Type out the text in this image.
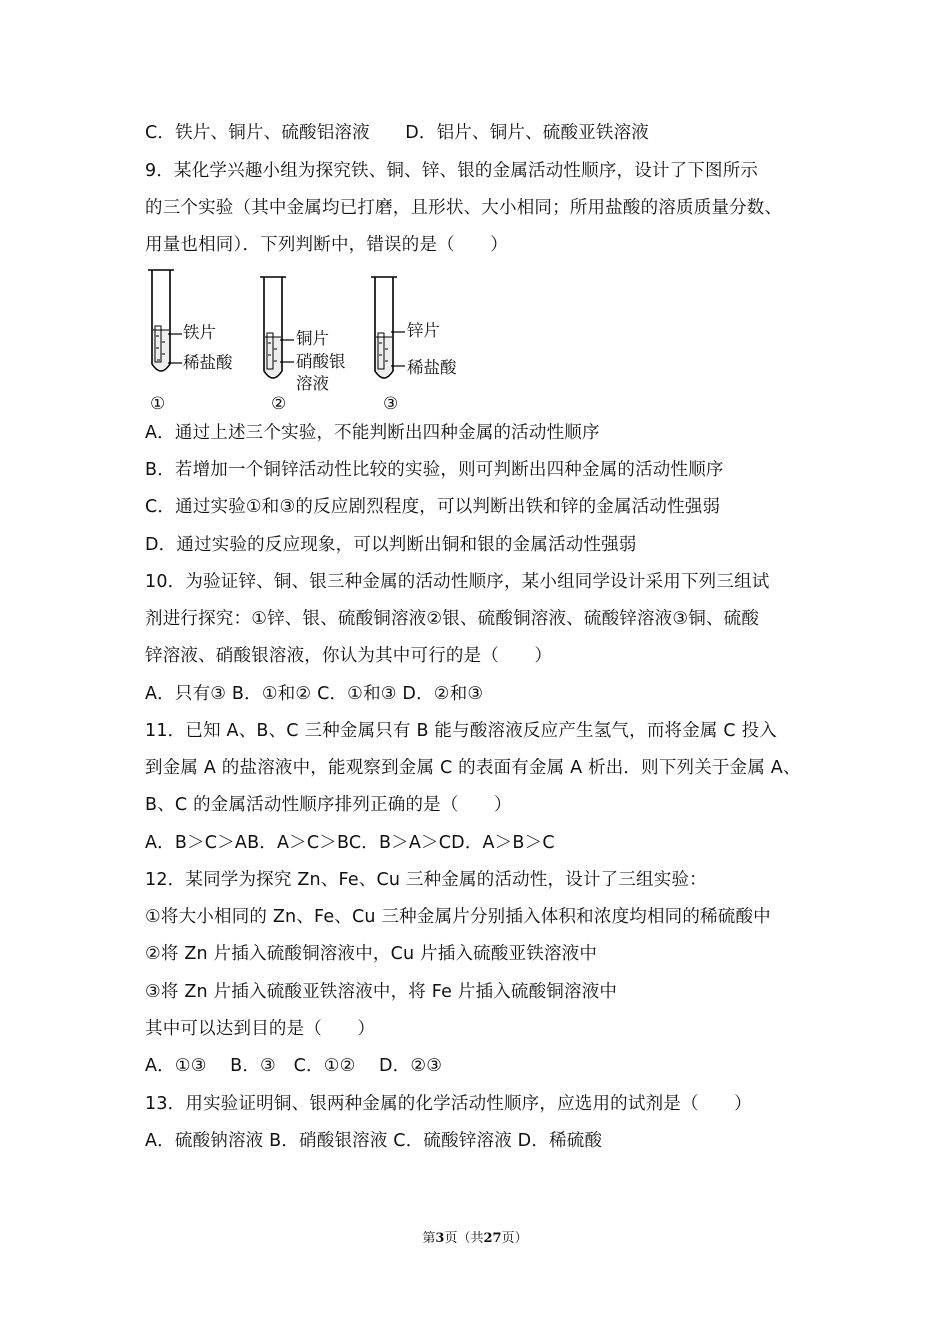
C．铁片、铜片、硫酸铝溶液　　D．铝片、铜片、硫酸亚铁溶液
9．某化学兴趣小组为探究铁、铜、锌、银的金属活动性顺序，设计了下图所示
的三个实验（其中金属均已打磨，且形状、大小相同；所用盐酸的溶质质量分数、
用量也相同）．下列判断中，错误的是（　　）
铁片
稀盐酸
①
铜片
硝酸银
溶液
②
锌片
稀盐酸
③
A．通过上述三个实验，不能判断出四种金属的活动性顺序
B．若增加一个铜锌活动性比较的实验，则可判断出四种金属的活动性顺序
C．通过实验①和③的反应剧烈程度，可以判断出铁和锌的金属活动性强弱
D．通过实验的反应现象，可以判断出铜和银的金属活动性强弱
10．为验证锌、铜、银三种金属的活动性顺序，某小组同学设计采用下列三组试
剂进行探究：①锌、银、硫酸铜溶液②银、硫酸铜溶液、硫酸锌溶液③铜、硫酸
锌溶液、硝酸银溶液，你认为其中可行的是（　　）
A．只有③ B．①和② C．①和③ D．②和③
11．已知 A、B、C 三种金属只有 B 能与酸溶液反应产生氢气，而将金属 C 投入
到金属 A 的盐溶液中，能观察到金属 C 的表面有金属 A 析出．则下列关于金属 A、
B、C 的金属活动性顺序排列正确的是（　　）
A．B＞C＞AB．A＞C＞BC．B＞A＞CD．A＞B＞C
12．某同学为探究 Zn、Fe、Cu 三种金属的活动性，设计了三组实验：
①将大小相同的 Zn、Fe、Cu 三种金属片分别插入体积和浓度均相同的稀硫酸中
②将 Zn 片插入硫酸铜溶液中，Cu 片插入硫酸亚铁溶液中
③将 Zn 片插入硫酸亚铁溶液中，将 Fe 片插入硫酸铜溶液中
其中可以达到目的是（　　）
A．①③　 B．③　C．①②　 D．②③
13．用实验证明铜、银两种金属的化学活动性顺序，应选用的试剂是（　　）
A．硫酸钠溶液 B．硝酸银溶液 C．硫酸锌溶液 D．稀硫酸
第3页（共27页）
